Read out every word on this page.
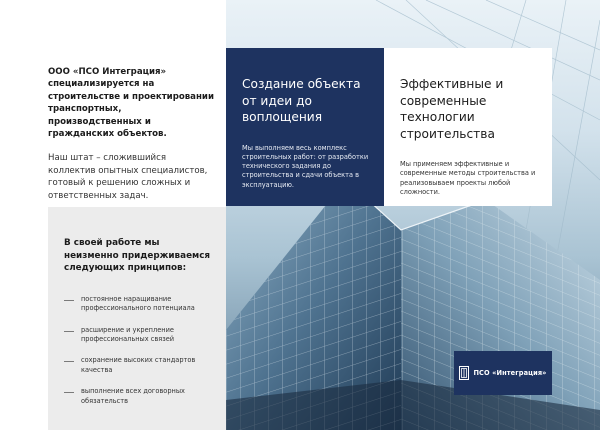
ООО «ПСО Интеграция» специализируется на строительстве и проектировании транспортных, производственных и гражданских объектов.

Наш штат – сложившийся коллектив опытных специалистов, готовый к решению сложных и ответственных задач.

Создание объекта от идеи до воплощения

Мы выполняем весь комплекс строительных работ: от разработки технического задания до строительства и сдачи объекта в эксплуатацию.

Эффективные и современные технологии строительства

Мы применяем эффективные и современные методы строительства и реализовываем проекты любой сложности.

В своей работе мы неизменно придерживаемся следующих принципов:
постоянное наращивание профессионального потенциала
расширение и укрепление профессиональных связей
сохранение высоких стандартов качества
выполнение всех договорных обязательств
ПСО «Интеграция»
